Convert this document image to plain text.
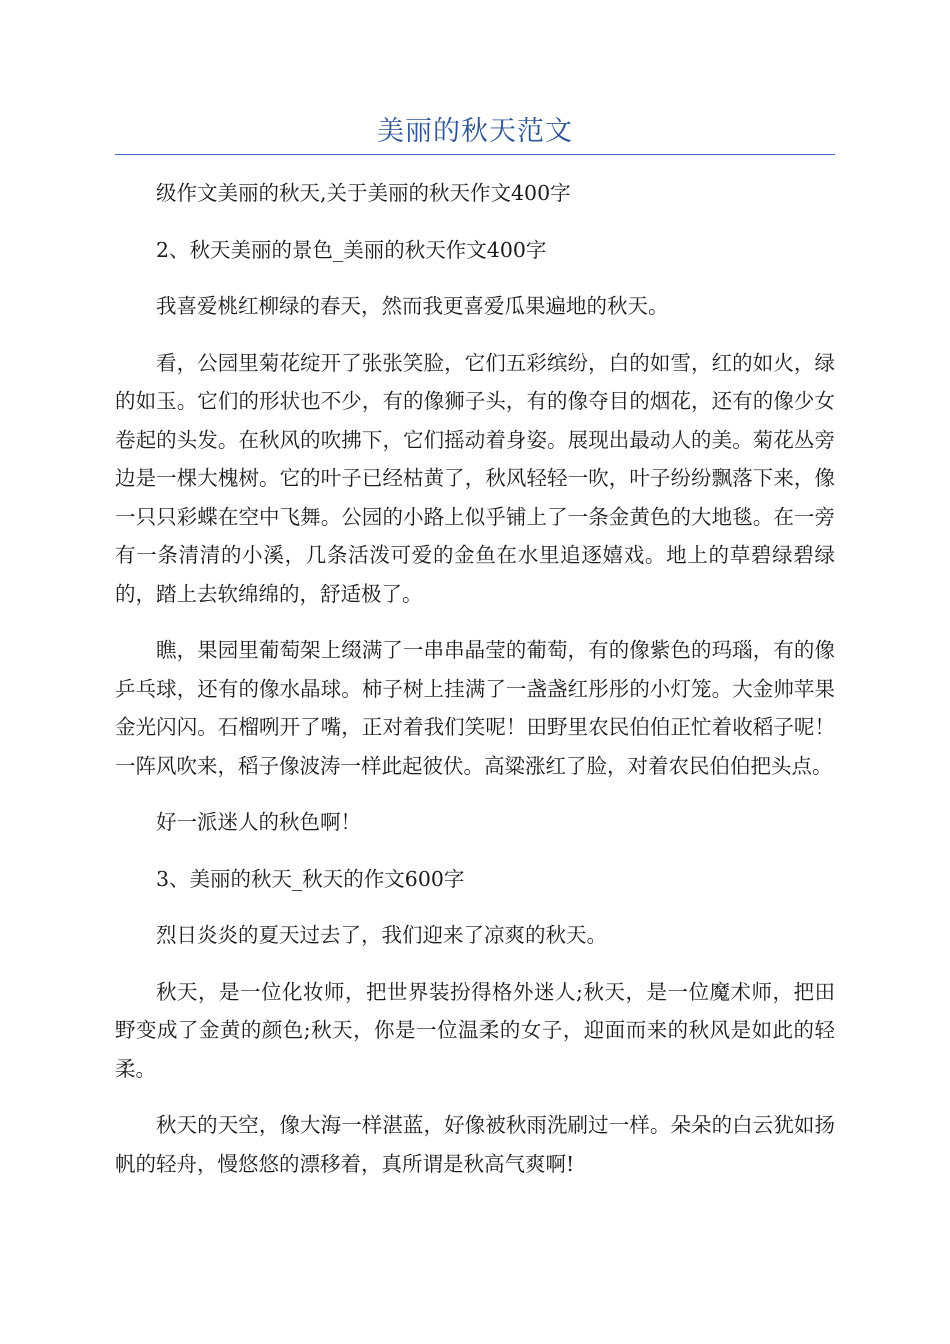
美丽的秋天范文

级作文美丽的秋天,关于美丽的秋天作文400字

2、秋天美丽的景色_美丽的秋天作文400字

我喜爱桃红柳绿的春天，然而我更喜爱瓜果遍地的秋天。

看，公园里菊花绽开了张张笑脸，它们五彩缤纷，白的如雪，红的如火，绿的如玉。它们的形状也不少，有的像狮子头，有的像夺目的烟花，还有的像少女卷起的头发。在秋风的吹拂下，它们摇动着身姿。展现出最动人的美。菊花丛旁边是一棵大槐树。它的叶子已经枯黄了，秋风轻轻一吹，叶子纷纷飘落下来，像一只只彩蝶在空中飞舞。公园的小路上似乎铺上了一条金黄色的大地毯。在一旁有一条清清的小溪，几条活泼可爱的金鱼在水里追逐嬉戏。地上的草碧绿碧绿的，踏上去软绵绵的，舒适极了。

瞧，果园里葡萄架上缀满了一串串晶莹的葡萄，有的像紫色的玛瑙，有的像乒乓球，还有的像水晶球。柿子树上挂满了一盏盏红彤彤的小灯笼。大金帅苹果金光闪闪。石榴咧开了嘴，正对着我们笑呢！田野里农民伯伯正忙着收稻子呢！一阵风吹来，稻子像波涛一样此起彼伏。高粱涨红了脸，对着农民伯伯把头点。

好一派迷人的秋色啊！

3、美丽的秋天_秋天的作文600字

烈日炎炎的夏天过去了，我们迎来了凉爽的秋天。

秋天，是一位化妆师，把世界装扮得格外迷人;秋天，是一位魔术师，把田野变成了金黄的颜色;秋天，你是一位温柔的女子，迎面而来的秋风是如此的轻柔。

秋天的天空，像大海一样湛蓝，好像被秋雨洗刷过一样。朵朵的白云犹如扬帆的轻舟，慢悠悠的漂移着，真所谓是秋高气爽啊!
